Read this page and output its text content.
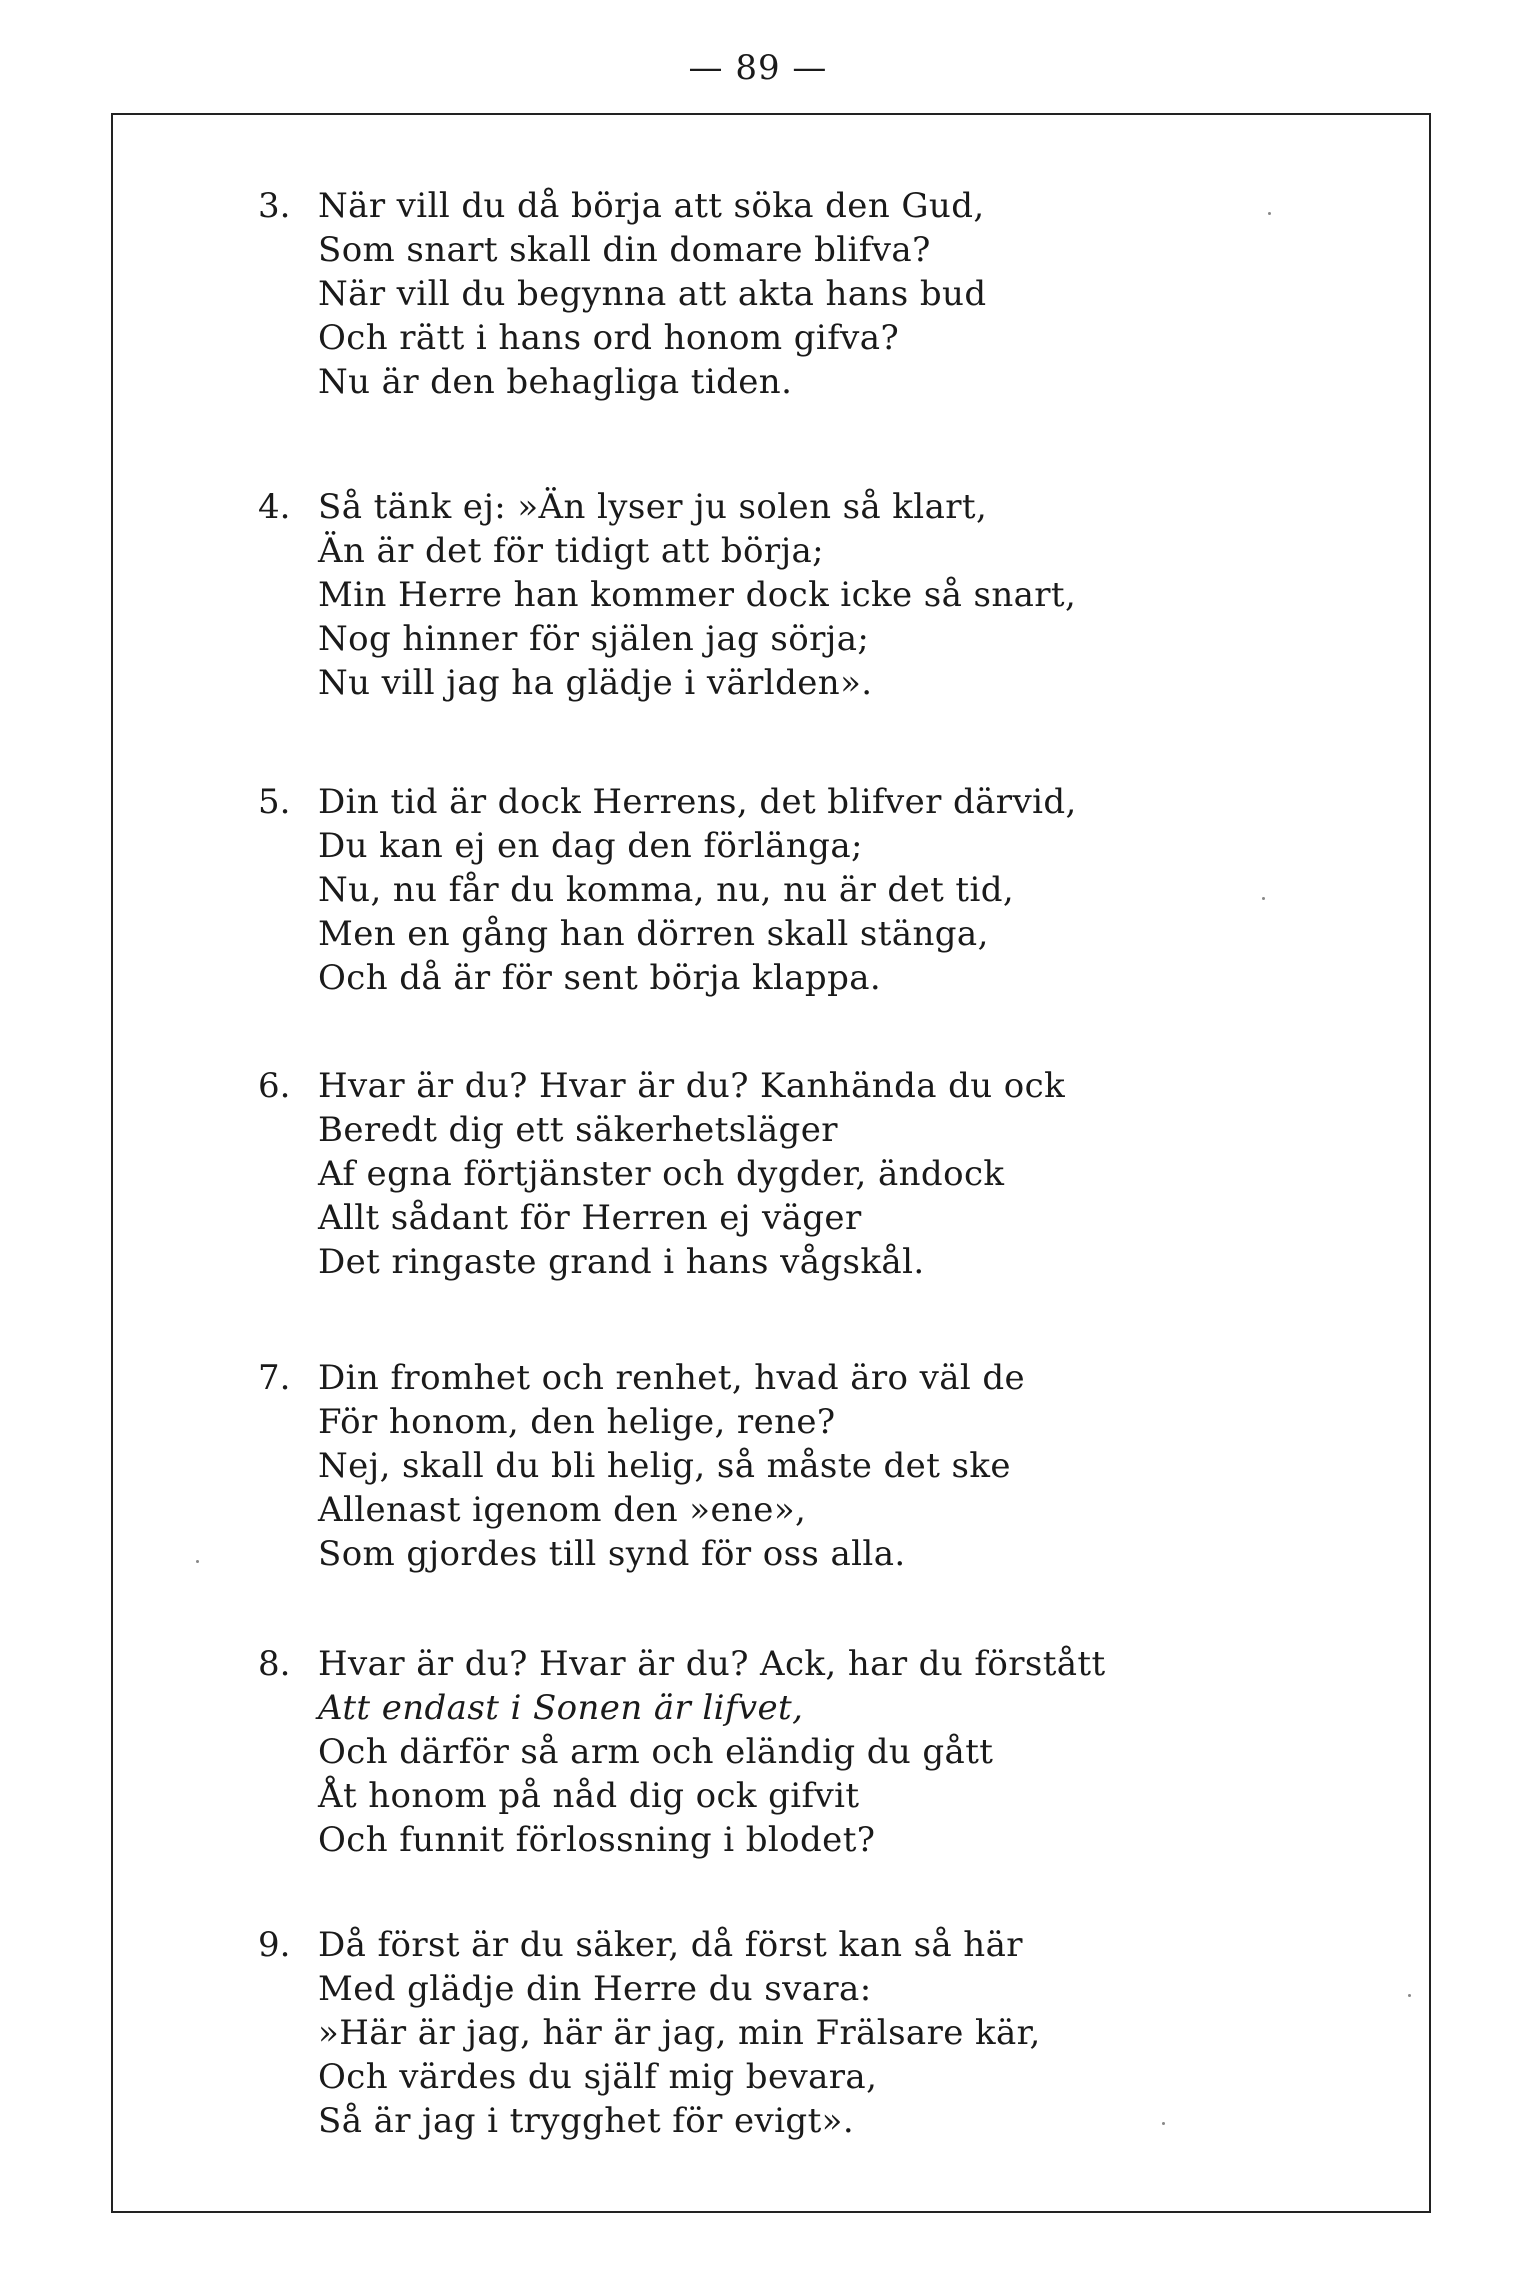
— 89 —
3. När vill du då börja att söka den Gud,
Som snart skall din domare blifva?
När vill du begynna att akta hans bud
Och rätt i hans ord honom gifva?
Nu är den behagliga tiden.
4. Så tänk ej: »Än lyser ju solen så klart,
Än är det för tidigt att börja;
Min Herre han kommer dock icke så snart,
Nog hinner för själen jag sörja;
Nu vill jag ha glädje i världen».
5. Din tid är dock Herrens, det blifver därvid,
Du kan ej en dag den förlänga;
Nu, nu får du komma, nu, nu är det tid,
Men en gång han dörren skall stänga,
Och då är för sent börja klappa.
6. Hvar är du? Hvar är du? Kanhända du ock
Beredt dig ett säkerhetsläger
Af egna förtjänster och dygder, ändock
Allt sådant för Herren ej väger
Det ringaste grand i hans vågskål.
7. Din fromhet och renhet, hvad äro väl de
För honom, den helige, rene?
Nej, skall du bli helig, så måste det ske
Allenast igenom den »ene»,
Som gjordes till synd för oss alla.
8. Hvar är du? Hvar är du? Ack, har du förstått
Att endast i Sonen är lifvet,
Och därför så arm och eländig du gått
Åt honom på nåd dig ock gifvit
Och funnit förlossning i blodet?
9. Då först är du säker, då först kan så här
Med glädje din Herre du svara:
»Här är jag, här är jag, min Frälsare kär,
Och värdes du själf mig bevara,
Så är jag i trygghet för evigt».
